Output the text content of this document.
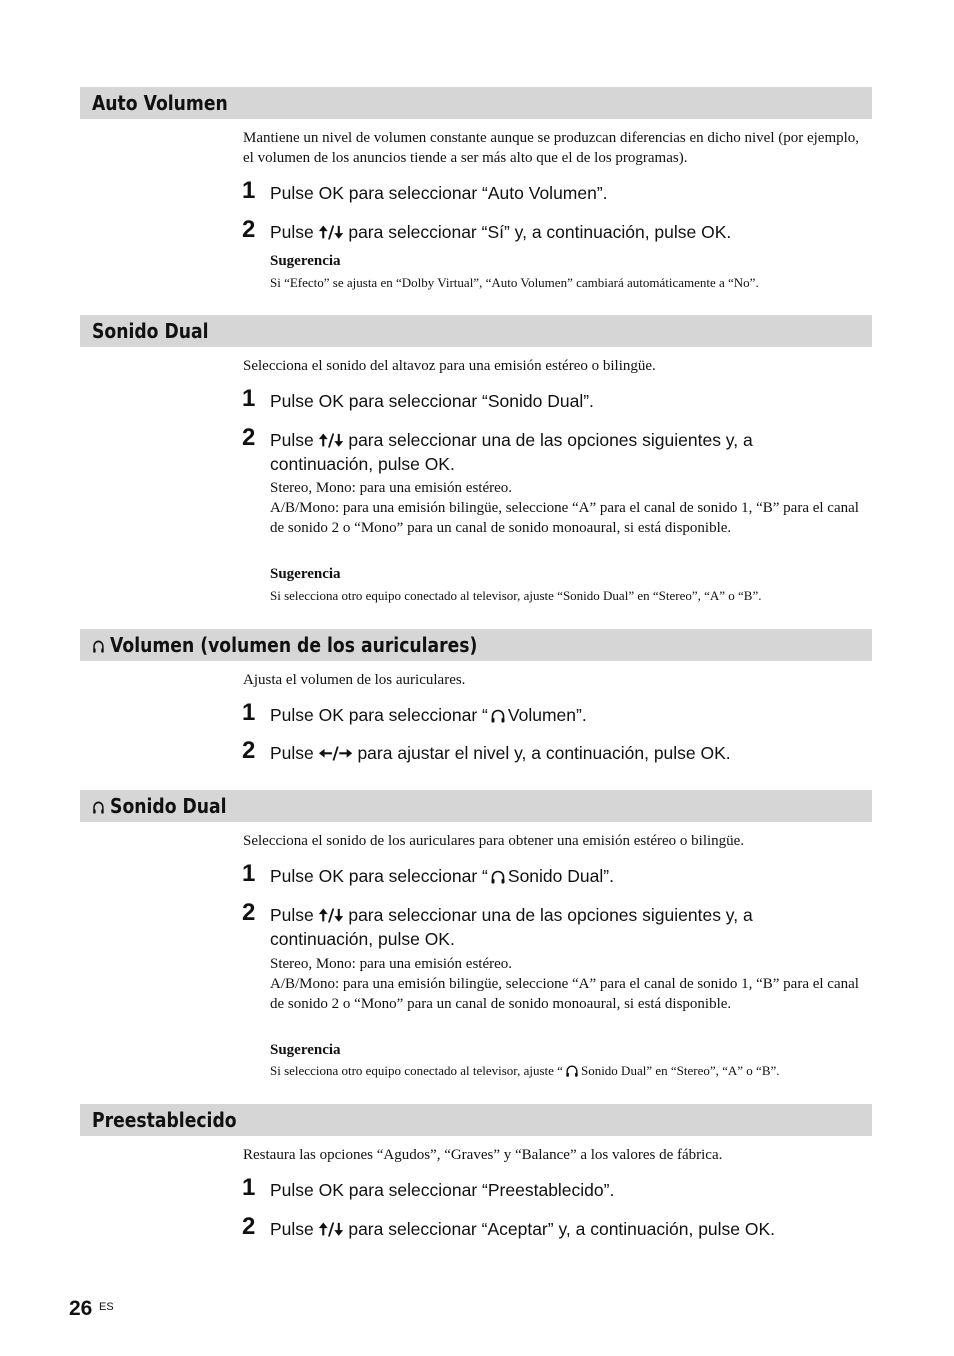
Auto Volumen
Mantiene un nivel de volumen constante aunque se produzcan diferencias en dicho nivel (por ejemplo, el volumen de los anuncios tiende a ser más alto que el de los programas).
1 Pulse OK para seleccionar “Auto Volumen”.
2 Pulse 🠅/🠇 para seleccionar “Sí” y, a continuación, pulse OK.
Sugerencia
Si “Efecto” se ajusta en “Dolby Virtual”, “Auto Volumen” cambiará automáticamente a “No”.
Sonido Dual
Selecciona el sonido del altavoz para una emisión estéreo o bilingüe.
1 Pulse OK para seleccionar “Sonido Dual”.
2 Pulse 🠅/🠇 para seleccionar una de las opciones siguientes y, a continuación, pulse OK.
Stereo, Mono: para una emisión estéreo.
A/B/Mono: para una emisión bilingüe, seleccione “A” para el canal de sonido 1, “B” para el canal de sonido 2 o “Mono” para un canal de sonido monoaural, si está disponible.
Sugerencia
Si selecciona otro equipo conectado al televisor, ajuste “Sonido Dual” en “Stereo”, “A” o “B”.
Volumen (volumen de los auriculares)
Ajusta el volumen de los auriculares.
1 Pulse OK para seleccionar “ Volumen”.
2 Pulse 🠄/🠆 para ajustar el nivel y, a continuación, pulse OK.
Sonido Dual
Selecciona el sonido de los auriculares para obtener una emisión estéreo o bilingüe.
1 Pulse OK para seleccionar “ Sonido Dual”.
2 Pulse 🠅/🠇 para seleccionar una de las opciones siguientes y, a continuación, pulse OK.
Stereo, Mono: para una emisión estéreo.
A/B/Mono: para una emisión bilingüe, seleccione “A” para el canal de sonido 1, “B” para el canal de sonido 2 o “Mono” para un canal de sonido monoaural, si está disponible.
Sugerencia
Si selecciona otro equipo conectado al televisor, ajuste “ Sonido Dual” en “Stereo”, “A” o “B”.
Preestablecido
Restaura las opciones “Agudos”, “Graves” y “Balance” a los valores de fábrica.
1 Pulse OK para seleccionar “Preestablecido”.
2 Pulse 🠅/🠇 para seleccionar “Aceptar” y, a continuación, pulse OK.
26 ES
